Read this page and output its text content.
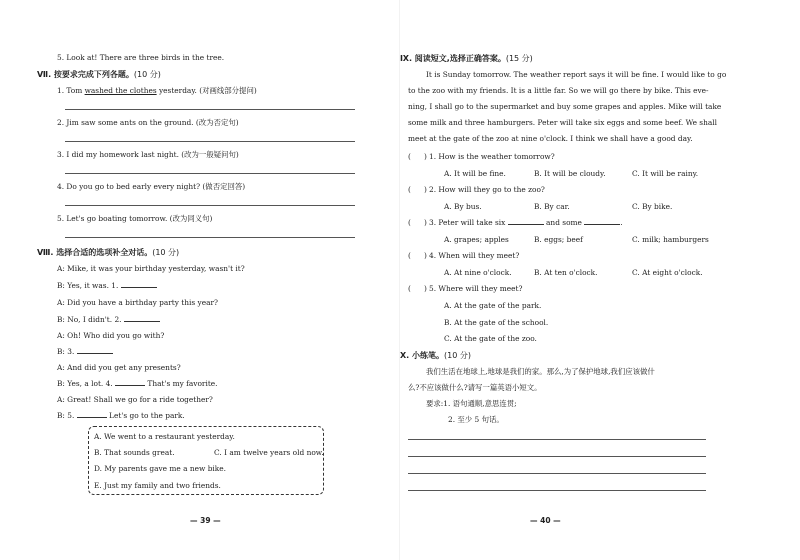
5. Look at! There are three birds in the tree.
Ⅶ. 按要求完成下列各题。(10 分)
1. Tom washed the clothes yesterday. (对画线部分提问)
2. Jim saw some ants on the ground. (改为否定句)
3. I did my homework last night. (改为一般疑问句)
4. Do you go to bed early every night? (做否定回答)
5. Let's go boating tomorrow. (改为同义句)
Ⅷ. 选择合适的选项补全对话。(10 分)
A: Mike, it was your birthday yesterday, wasn't it?
B: Yes, it was. 1.
A: Did you have a birthday party this year?
B: No, I didn't. 2.
A: Oh! Who did you go with?
B: 3.
A: And did you get any presents?
B: Yes, a lot. 4.	That's my favorite.
A: Great! Shall we go for a ride together?
B: 5.	Let's go to the park.
A. We went to a restaurant yesterday.
B. That sounds great.	C. I am twelve years old now.
D. My parents gave me a new bike.
E. Just my family and two friends.
— 39 —
Ⅸ. 阅读短文,选择正确答案。(15 分)
It is Sunday tomorrow. The weather report says it will be fine. I would like to go
to the zoo with my friends. It is a little far. So we will go there by bike. This eve-
ning, I shall go to the supermarket and buy some grapes and apples. Mike will take
some milk and three hamburgers. Peter will take six eggs and some beef. We shall
meet at the gate of the zoo at nine o'clock. I think we shall have a good day.
( ) 1. How is the weather tomorrow?
A. It will be fine.	B. It will be cloudy.	C. It will be rainy.
( ) 2. How will they go to the zoo?
A. By bus.	B. By car.	C. By bike.
( ) 3. Peter will take six	and some	.
A. grapes; apples	B. eggs; beef	C. milk; hamburgers
( ) 4. When will they meet?
A. At nine o'clock.	B. At ten o'clock.	C. At eight o'clock.
( ) 5. Where will they meet?
A. At the gate of the park.
B. At the gate of the school.
C. At the gate of the zoo.
Ⅹ. 小练笔。(10 分)
我们生活在地球上,地球是我们的家。那么,为了保护地球,我们应该做什
么?不应该做什么?请写一篇英语小短文。
要求:1. 语句通顺,意思连贯;
2. 至少 5 句话。
— 40 —
